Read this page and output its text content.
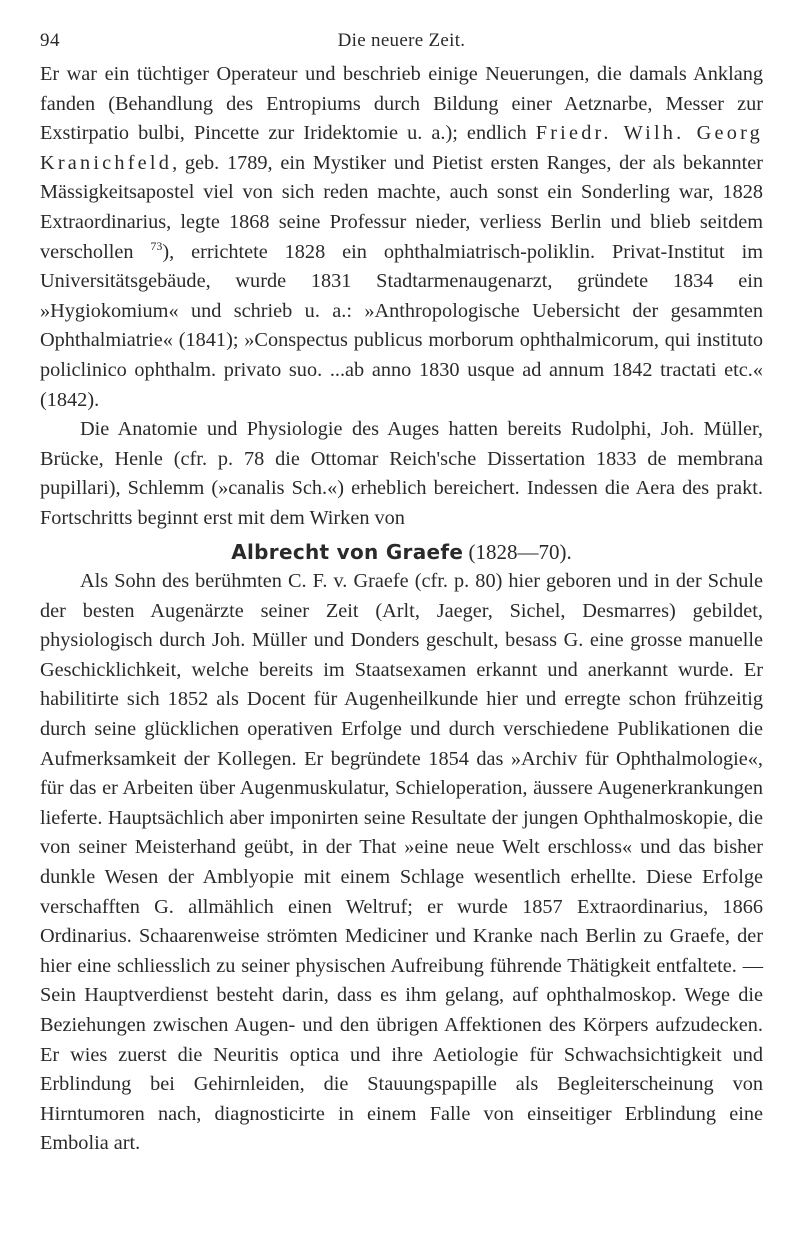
94	Die neuere Zeit.

Er war ein tüchtiger Operateur und beschrieb einige Neuerungen, die damals Anklang fanden (Behandlung des Entropiums durch Bildung einer Aetznarbe, Messer zur Exstirpatio bulbi, Pincette zur Iridektomie u. a.); endlich Friedr. Wilh. Georg Kranichfeld, geb. 1789, ein Mystiker und Pietist ersten Ranges, der als bekannter Mässigkeitsapostel viel von sich reden machte, auch sonst ein Sonderling war, 1828 Extraordinarius, legte 1868 seine Professur nieder, verliess Berlin und blieb seitdem verschollen $^{73}$), errichtete 1828 ein ophthalmiatrisch-poliklin. Privat-Institut im Universitätsgebäude, wurde 1831 Stadtarmenaugenarzt, gründete 1834 ein »Hygiokomium« und schrieb u. a.: »Anthropologische Uebersicht der gesammten Ophthalmiatrie« (1841); »Conspectus publicus morborum ophthalmicorum, qui instituto policlinico ophthalm. privato suo. ...ab anno 1830 usque ad annum 1842 tractati etc.« (1842).

Die Anatomie und Physiologie des Auges hatten bereits Rudolphi, Joh. Müller, Brücke, Henle (cfr. p. 78 die Ottomar Reich'sche Dissertation 1833 de membrana pupillari), Schlemm (»canalis Sch.«) erheblich bereichert. Indessen die Aera des prakt. Fortschritts beginnt erst mit dem Wirken von

Albrecht von Graefe (1828—70).

Als Sohn des berühmten C. F. v. Graefe (cfr. p. 80) hier geboren und in der Schule der besten Augenärzte seiner Zeit (Arlt, Jaeger, Sichel, Desmarres) gebildet, physiologisch durch Joh. Müller und Donders geschult, besass G. eine grosse manuelle Geschicklichkeit, welche bereits im Staatsexamen erkannt und anerkannt wurde. Er habilitirte sich 1852 als Docent für Augenheilkunde hier und erregte schon frühzeitig durch seine glücklichen operativen Erfolge und durch verschiedene Publikationen die Aufmerksamkeit der Kollegen. Er begründete 1854 das »Archiv für Ophthalmologie«, für das er Arbeiten über Augenmuskulatur, Schieloperation, äussere Augenerkrankungen lieferte. Hauptsächlich aber imponirten seine Resultate der jungen Ophthalmoskopie, die von seiner Meisterhand geübt, in der That »eine neue Welt erschloss« und das bisher dunkle Wesen der Amblyopie mit einem Schlage wesentlich erhellte. Diese Erfolge verschafften G. allmählich einen Weltruf; er wurde 1857 Extraordinarius, 1866 Ordinarius. Schaarenweise strömten Mediciner und Kranke nach Berlin zu Graefe, der hier eine schliesslich zu seiner physischen Aufreibung führende Thätigkeit entfaltete. — Sein Hauptverdienst besteht darin, dass es ihm gelang, auf ophthalmoskop. Wege die Beziehungen zwischen Augen- und den übrigen Affektionen des Körpers aufzudecken. Er wies zuerst die Neuritis optica und ihre Aetiologie für Schwachsichtigkeit und Erblindung bei Gehirnleiden, die Stauungspapille als Begleiterscheinung von Hirntumoren nach, diagnosticirte in einem Falle von einseitiger Erblindung eine Embolia art.
